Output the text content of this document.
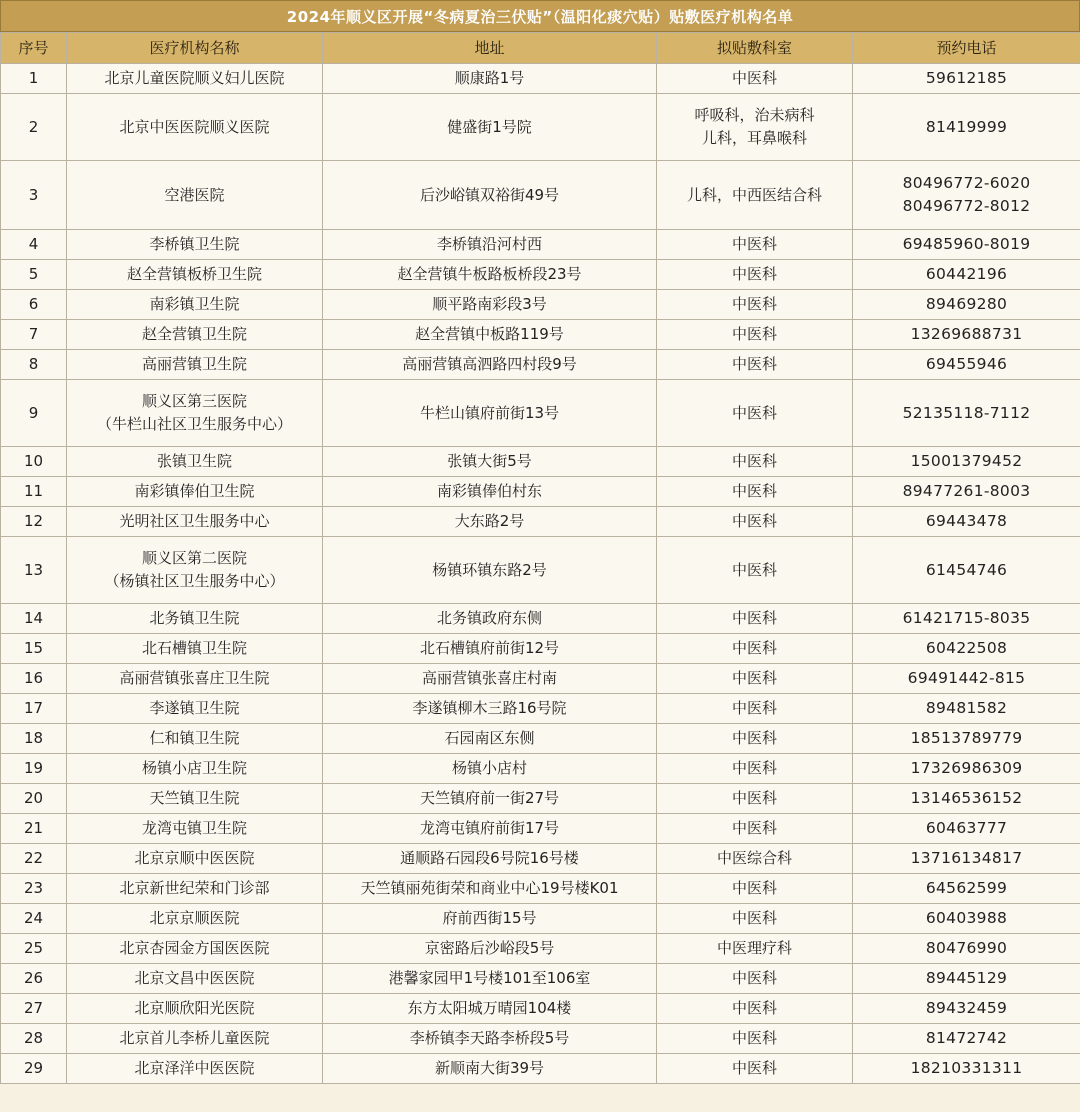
2024年顺义区开展“冬病夏治三伏贴”（温阳化痰穴贴）贴敷医疗机构名单
序号	医疗机构名称	地址	拟贴敷科室	预约电话
1	北京儿童医院顺义妇儿医院	顺康路1号	中医科	59612185

2	北京中医医院顺义医院	健盛街1号院	呼吸科，治未病科
儿科，耳鼻喉科	81419999

3	空港医院	后沙峪镇双裕街49号	儿科，中西医结合科	80496772-6020
80496772-8012

4	李桥镇卫生院	李桥镇沿河村西	中医科	69485960-8019

5	赵全营镇板桥卫生院	赵全营镇牛板路板桥段23号	中医科	60442196

6	南彩镇卫生院	顺平路南彩段3号	中医科	89469280

7	赵全营镇卫生院	赵全营镇中板路119号	中医科	13269688731

8	高丽营镇卫生院	高丽营镇高泗路四村段9号	中医科	69455946

9	顺义区第三医院
（牛栏山社区卫生服务中心）	牛栏山镇府前街13号	中医科	52135118-7112

10	张镇卫生院	张镇大街5号	中医科	15001379452

11	南彩镇俸伯卫生院	南彩镇俸伯村东	中医科	89477261-8003

12	光明社区卫生服务中心	大东路2号	中医科	69443478

13	顺义区第二医院
（杨镇社区卫生服务中心）	杨镇环镇东路2号	中医科	61454746

14	北务镇卫生院	北务镇政府东侧	中医科	61421715-8035

15	北石槽镇卫生院	北石槽镇府前街12号	中医科	60422508

16	高丽营镇张喜庄卫生院	高丽营镇张喜庄村南	中医科	69491442-815

17	李遂镇卫生院	李遂镇柳木三路16号院	中医科	89481582

18	仁和镇卫生院	石园南区东侧	中医科	18513789779

19	杨镇小店卫生院	杨镇小店村	中医科	17326986309

20	天竺镇卫生院	天竺镇府前一街27号	中医科	13146536152

21	龙湾屯镇卫生院	龙湾屯镇府前街17号	中医科	60463777

22	北京京顺中医医院	通顺路石园段6号院16号楼	中医综合科	13716134817

23	北京新世纪荣和门诊部	天竺镇丽苑街荣和商业中心19号楼K01	中医科	64562599

24	北京京顺医院	府前西街15号	中医科	60403988

25	北京杏园金方国医医院	京密路后沙峪段5号	中医理疗科	80476990

26	北京文昌中医医院	港馨家园甲1号楼101至106室	中医科	89445129

27	北京顺欣阳光医院	东方太阳城万晴园104楼	中医科	89432459

28	北京首儿李桥儿童医院	李桥镇李天路李桥段5号	中医科	81472742

29	北京泽洋中医医院	新顺南大街39号	中医科	18210331311
